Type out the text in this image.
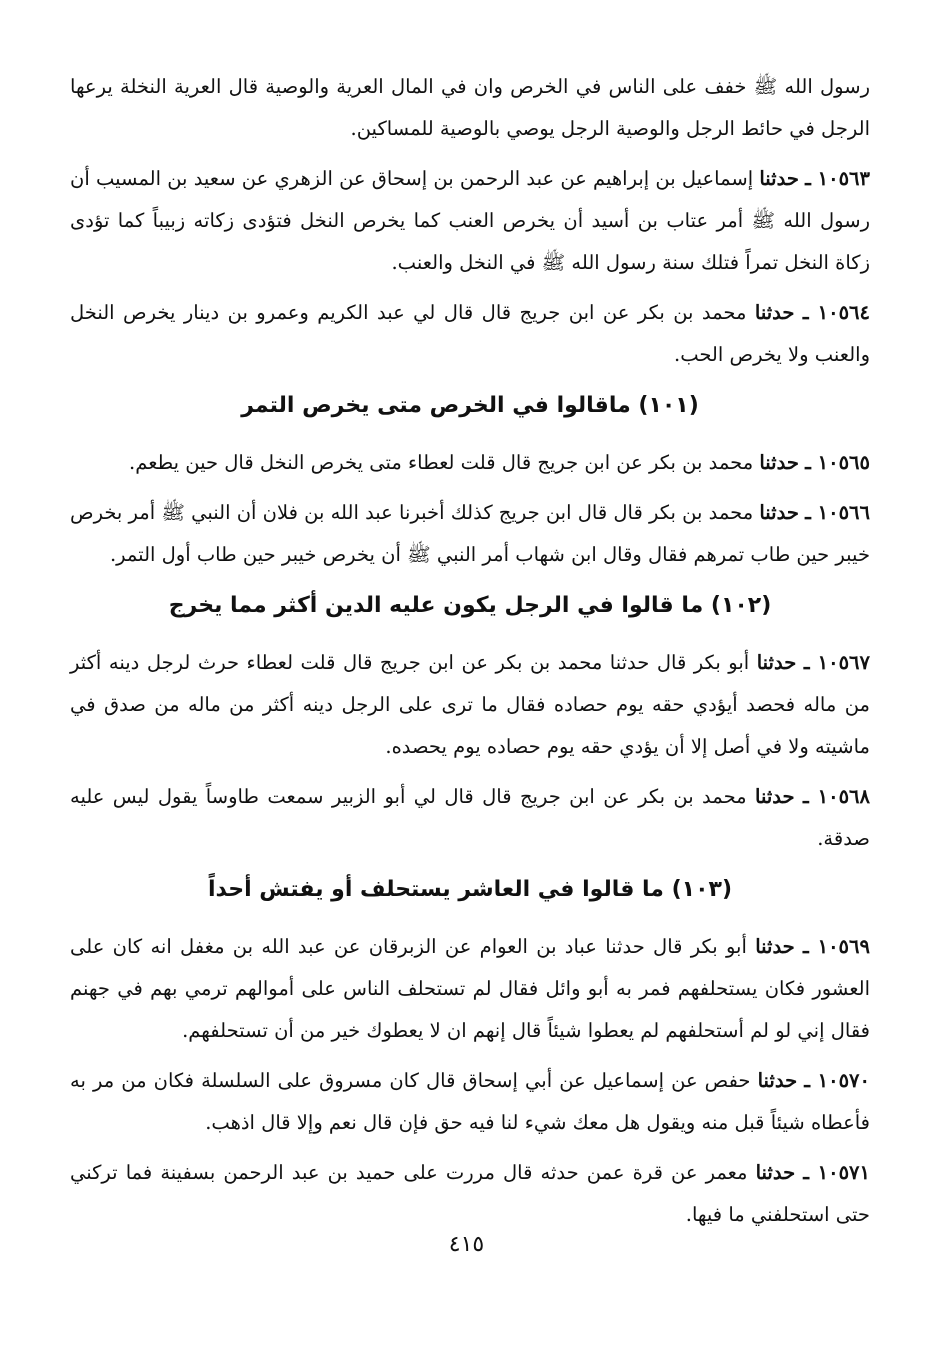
رسول الله ﷺ خفف على الناس في الخرص وان في المال العرية والوصية قال العرية النخلة يرعها الرجل في حائط الرجل والوصية الرجل يوصي بالوصية للمساكين.

١٠٥٦٣ ـ حدثنا إسماعيل بن إبراهيم عن عبد الرحمن بن إسحاق عن الزهري عن سعيد بن المسيب أن رسول الله ﷺ أمر عتاب بن أسيد أن يخرص العنب كما يخرص النخل فتؤدى زكاته زبيباً كما تؤدى زكاة النخل تمراً فتلك سنة رسول الله ﷺ في النخل والعنب.

١٠٥٦٤ ـ حدثنا محمد بن بكر عن ابن جريج قال قال لي عبد الكريم وعمرو بن دينار يخرص النخل والعنب ولا يخرص الحب.

(١٠١) ماقالوا في الخرص متى يخرص التمر

١٠٥٦٥ ـ حدثنا محمد بن بكر عن ابن جريج قال قلت لعطاء متى يخرص النخل قال حين يطعم.

١٠٥٦٦ ـ حدثنا محمد بن بكر قال قال ابن جريج كذلك أخبرنا عبد الله بن فلان أن النبي ﷺ أمر بخرص خيبر حين طاب تمرهم فقال وقال ابن شهاب أمر النبي ﷺ أن يخرص خيبر حين طاب أول التمر.

(١٠٢) ما قالوا في الرجل يكون عليه الدين أكثر مما يخرج

١٠٥٦٧ ـ حدثنا أبو بكر قال حدثنا محمد بن بكر عن ابن جريج قال قلت لعطاء حرث لرجل دينه أكثر من ماله فحصد أيؤدي حقه يوم حصاده فقال ما ترى على الرجل دينه أكثر من ماله من صدق في ماشيته ولا في أصل إلا أن يؤدي حقه يوم حصاده يوم يحصده.

١٠٥٦٨ ـ حدثنا محمد بن بكر عن ابن جريج قال قال لي أبو الزبير سمعت طاوساً يقول ليس عليه صدقة.

(١٠٣) ما قالوا في العاشر يستحلف أو يفتش أحداً

١٠٥٦٩ ـ حدثنا أبو بكر قال حدثنا عباد بن العوام عن الزبرقان عن عبد الله بن مغفل انه كان على العشور فكان يستحلفهم فمر به أبو وائل فقال لم تستحلف الناس على أموالهم ترمي بهم في جهنم فقال إني لو لم أستحلفهم لم يعطوا شيئاً قال إنهم ان لا يعطوك خير من أن تستحلفهم.

١٠٥٧٠ ـ حدثنا حفص عن إسماعيل عن أبي إسحاق قال كان مسروق على السلسلة فكان من مر به فأعطاه شيئاً قبل منه ويقول هل معك شيء لنا فيه حق فإن قال نعم وإلا قال اذهب.

١٠٥٧١ ـ حدثنا معمر عن قرة عمن حدثه قال مررت على حميد بن عبد الرحمن بسفينة فما تركني حتى استحلفني ما فيها.

٤١٥
